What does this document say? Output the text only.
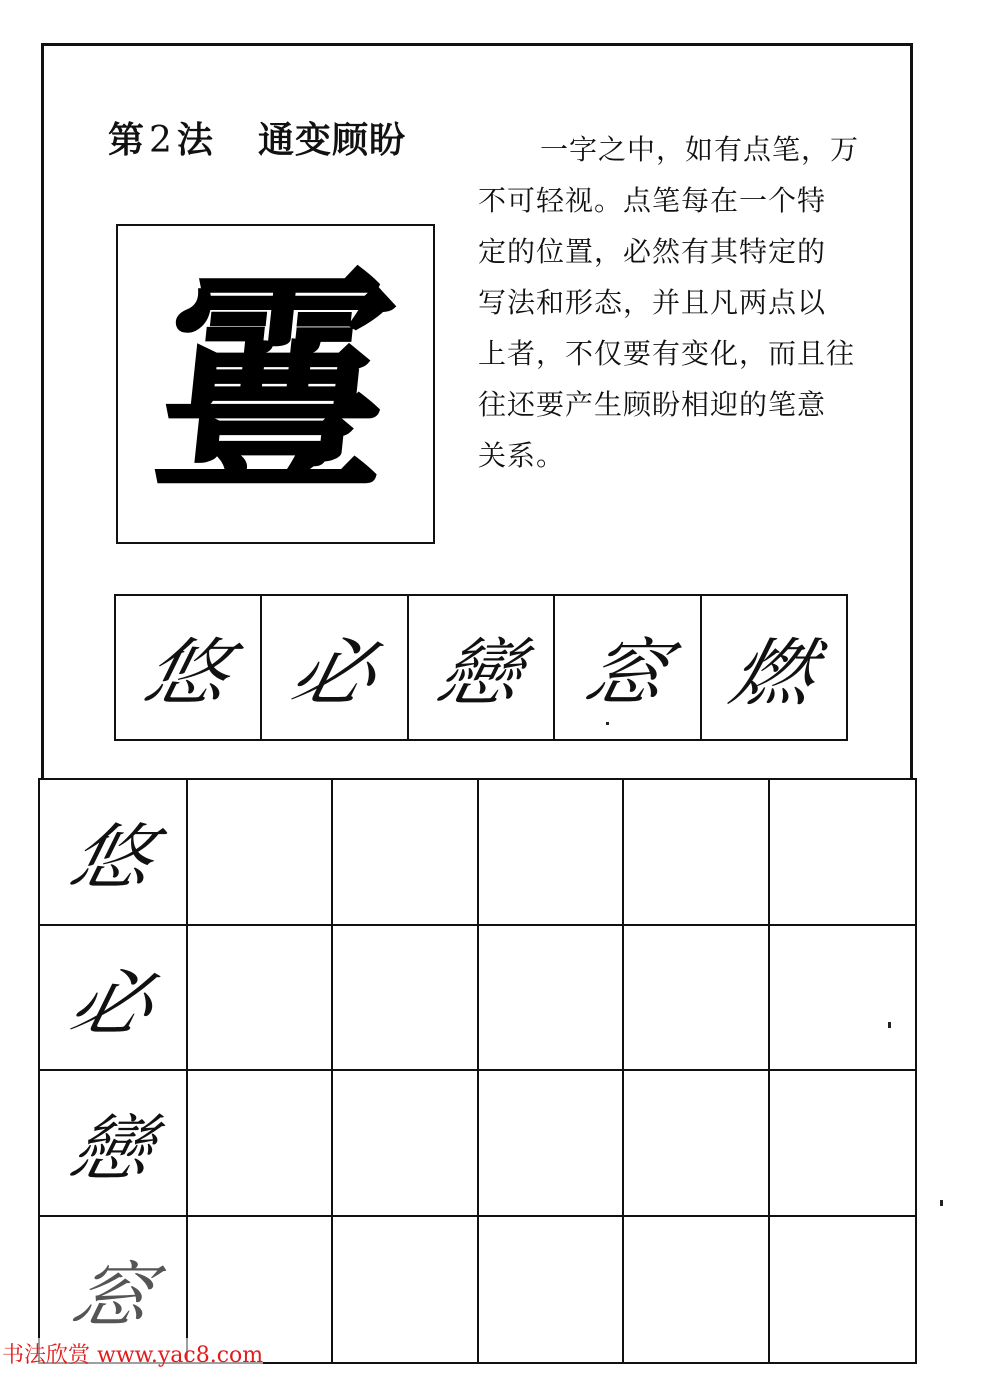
第 2 法 通变顾盼	一字之中，如有点笔，万
不可轻视。点笔每在一个特
定的位置，必然有其特定的
写法和形态，并且凡两点以
上者，不仅要有变化，而且往
往还要产生顾盼相迎的笔意
关系。
霻
悠 必 戀 窓 燃
悠
必
戀
窓
书法欣赏 www.yac8.com
